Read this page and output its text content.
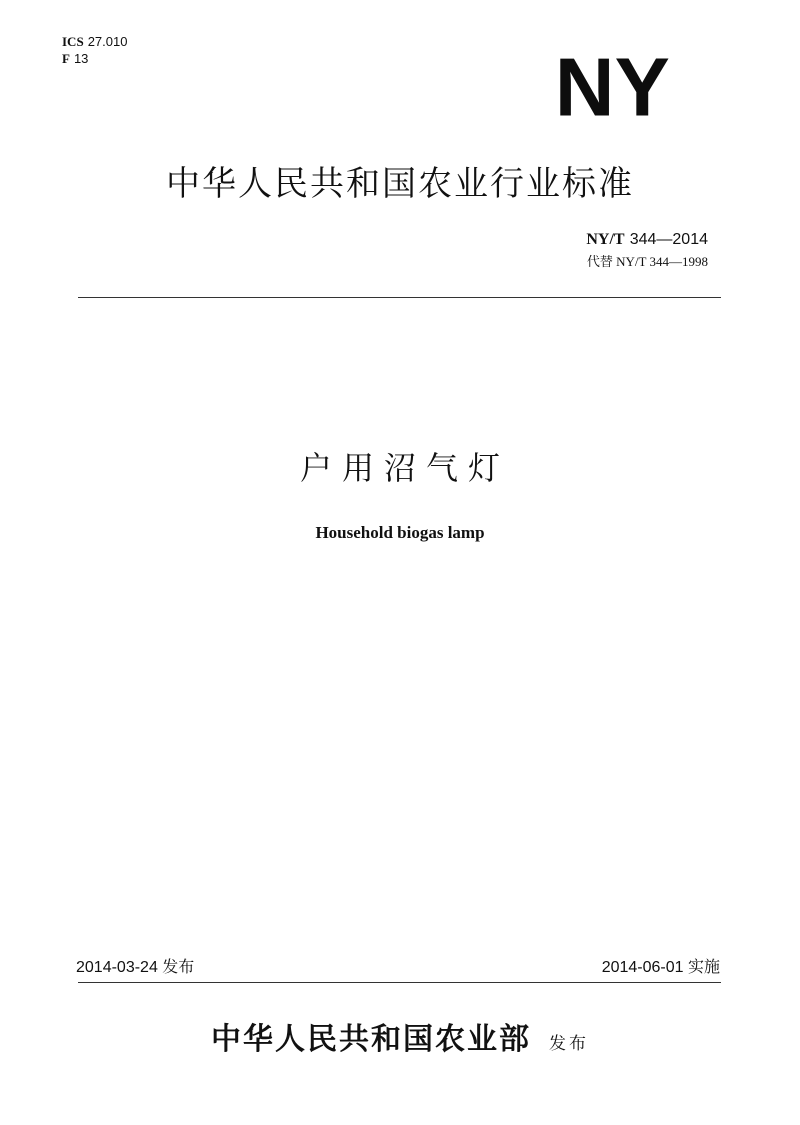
ICS 27.010
F 13	NY
中华人民共和国农业行业标准
NY/T 344—2014
代替 NY/T 344—1998
户用沼气灯
Household biogas lamp
2014-03-24 发布	2014-06-01 实施
中华人民共和国农业部 发布
